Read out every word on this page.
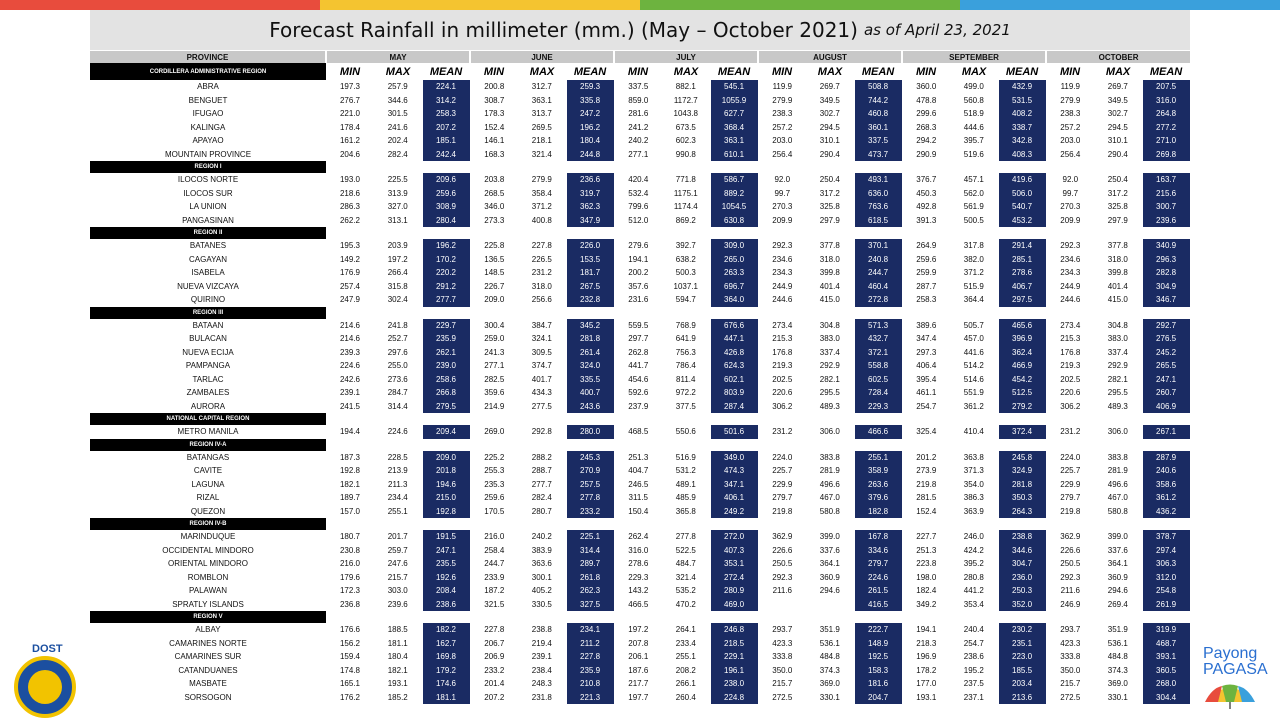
Forecast Rainfall in millimeter (mm.) (May – October 2021) as of April 23, 2021
PROVINCE	MAY			JUNE			JULY			AUGUST			SEPTEMBER			OCTOBER		
CORDILLERA ADMINISTRATIVE REGION	MIN	MAX	MEAN	MIN	MAX	MEAN	MIN	MAX	MEAN	MIN	MAX	MEAN	MIN	MAX	MEAN	MIN	MAX	MEAN
ABRA	197.3	257.9	224.1	200.8	312.7	259.3	337.5	882.1	545.1	119.9	269.7	508.8	360.0	499.0	432.9	119.9	269.7	207.5
BENGUET	276.7	344.6	314.2	308.7	363.1	335.8	859.0	1172.7	1055.9	279.9	349.5	744.2	478.8	560.8	531.5	279.9	349.5	316.0
IFUGAO	221.0	301.5	258.3	178.3	313.7	247.2	281.6	1043.8	627.7	238.3	302.7	460.8	299.6	518.9	408.2	238.3	302.7	264.8
KALINGA	178.4	241.6	207.2	152.4	269.5	196.2	241.2	673.5	368.4	257.2	294.5	360.1	268.3	444.6	338.7	257.2	294.5	277.2
APAYAO	161.2	202.4	185.1	146.1	218.1	180.4	240.2	602.3	363.1	203.0	310.1	337.5	294.2	395.7	342.8	203.0	310.1	271.0
MOUNTAIN PROVINCE	204.6	282.4	242.4	168.3	321.4	244.8	277.1	990.8	610.1	256.4	290.4	473.7	290.9	519.6	408.3	256.4	290.4	269.8
REGION I																		
ILOCOS NORTE	193.0	225.5	209.6	203.8	279.9	236.6	420.4	771.8	586.7	92.0	250.4	493.1	376.7	457.1	419.6	92.0	250.4	163.7
ILOCOS SUR	218.6	313.9	259.6	268.5	358.4	319.7	532.4	1175.1	889.2	99.7	317.2	636.0	450.3	562.0	506.0	99.7	317.2	215.6
LA UNION	286.3	327.0	308.9	346.0	371.2	362.3	799.6	1174.4	1054.5	270.3	325.8	763.6	492.8	561.9	540.7	270.3	325.8	300.7
PANGASINAN	262.2	313.1	280.4	273.3	400.8	347.9	512.0	869.2	630.8	209.9	297.9	618.5	391.3	500.5	453.2	209.9	297.9	239.6
REGION II																		
BATANES	195.3	203.9	196.2	225.8	227.8	226.0	279.6	392.7	309.0	292.3	377.8	370.1	264.9	317.8	291.4	292.3	377.8	340.9
CAGAYAN	149.2	197.2	170.2	136.5	226.5	153.5	194.1	638.2	265.0	234.6	318.0	240.8	259.6	382.0	285.1	234.6	318.0	296.3
ISABELA	176.9	266.4	220.2	148.5	231.2	181.7	200.2	500.3	263.3	234.3	399.8	244.7	259.9	371.2	278.6	234.3	399.8	282.8
NUEVA VIZCAYA	257.4	315.8	291.2	226.7	318.0	267.5	357.6	1037.1	696.7	244.9	401.4	460.4	287.7	515.9	406.7	244.9	401.4	304.9
QUIRINO	247.9	302.4	277.7	209.0	256.6	232.8	231.6	594.7	364.0	244.6	415.0	272.8	258.3	364.4	297.5	244.6	415.0	346.7
REGION III																		
BATAAN	214.6	241.8	229.7	300.4	384.7	345.2	559.5	768.9	676.6	273.4	304.8	571.3	389.6	505.7	465.6	273.4	304.8	292.7
BULACAN	214.6	252.7	235.9	259.0	324.1	281.8	297.7	641.9	447.1	215.3	383.0	432.7	347.4	457.0	396.9	215.3	383.0	276.5
NUEVA ECIJA	239.3	297.6	262.1	241.3	309.5	261.4	262.8	756.3	426.8	176.8	337.4	372.1	297.3	441.6	362.4	176.8	337.4	245.2
PAMPANGA	224.6	255.0	239.0	277.1	374.7	324.0	441.7	786.4	624.3	219.3	292.9	558.8	406.4	514.2	466.9	219.3	292.9	265.5
TARLAC	242.6	273.6	258.6	282.5	401.7	335.5	454.6	811.4	602.1	202.5	282.1	602.5	395.4	514.6	454.2	202.5	282.1	247.1
ZAMBALES	239.1	284.7	266.8	359.6	434.3	400.7	592.6	972.2	803.9	220.6	295.5	728.4	461.1	551.9	512.5	220.6	295.5	260.7
AURORA	241.5	314.4	279.5	214.9	277.5	243.6	237.9	377.5	287.4	306.2	489.3	229.3	254.7	361.2	279.2	306.2	489.3	406.9
NATIONAL CAPITAL REGION																		
METRO MANILA	194.4	224.6	209.4	269.0	292.8	280.0	468.5	550.6	501.6	231.2	306.0	466.6	325.4	410.4	372.4	231.2	306.0	267.1
REGION IV-A																		
BATANGAS	187.3	228.5	209.0	225.2	288.2	245.3	251.3	516.9	349.0	224.0	383.8	255.1	201.2	363.8	245.8	224.0	383.8	287.9
CAVITE	192.8	213.9	201.8	255.3	288.7	270.9	404.7	531.2	474.3	225.7	281.9	358.9	273.9	371.3	324.9	225.7	281.9	240.6
LAGUNA	182.1	211.3	194.6	235.3	277.7	257.5	246.5	489.1	347.1	229.9	496.6	263.6	219.8	354.0	281.8	229.9	496.6	358.6
RIZAL	189.7	234.4	215.0	259.6	282.4	277.8	311.5	485.9	406.1	279.7	467.0	379.6	281.5	386.3	350.3	279.7	467.0	361.2
QUEZON	157.0	255.1	192.8	170.5	280.7	233.2	150.4	365.8	249.2	219.8	580.8	182.8	152.4	363.9	264.3	219.8	580.8	436.2
REGION IV-B																		
MARINDUQUE	180.7	201.7	191.5	216.0	240.2	225.1	262.4	277.8	272.0	362.9	399.0	167.8	227.7	246.0	238.8	362.9	399.0	378.7
OCCIDENTAL MINDORO	230.8	259.7	247.1	258.4	383.9	314.4	316.0	522.5	407.3	226.6	337.6	334.6	251.3	424.2	344.6	226.6	337.6	297.4
ORIENTAL MINDORO	216.0	247.6	235.5	244.7	363.6	289.7	278.6	484.7	353.1	250.5	364.1	279.7	223.8	395.2	304.7	250.5	364.1	306.3
ROMBLON	179.6	215.7	192.6	233.9	300.1	261.8	229.3	321.4	272.4	292.3	360.9	224.6	198.0	280.8	236.0	292.3	360.9	312.0
PALAWAN	172.3	303.0	208.4	187.2	405.2	262.3	143.2	535.2	280.9	211.6	294.6	261.5	182.4	441.2	250.3	211.6	294.6	254.8
SPRATLY ISLANDS	236.8	239.6	238.6	321.5	330.5	327.5	466.5	470.2	469.0			416.5	349.2	353.4	352.0	246.9	269.4	261.9
REGION V																		
ALBAY	176.6	188.5	182.2	227.8	238.8	234.1	197.2	264.1	246.8	293.7	351.9	222.7	194.1	240.4	230.2	293.7	351.9	319.9
CAMARINES NORTE	156.2	181.1	162.7	206.7	219.4	211.2	207.8	233.4	218.5	423.3	536.1	148.9	218.3	254.7	235.1	423.3	536.1	468.7
CAMARINES SUR	159.4	180.4	169.8	206.9	239.1	227.8	206.1	255.1	229.1	333.8	484.8	192.5	196.9	238.6	223.0	333.8	484.8	393.1
CATANDUANES	174.8	182.1	179.2	233.2	238.4	235.9	187.6	208.2	196.1	350.0	374.3	158.3	178.2	195.2	185.5	350.0	374.3	360.5
MASBATE	165.1	193.1	174.6	201.4	248.3	210.8	217.7	266.1	238.0	215.7	369.0	181.6	177.0	237.5	203.4	215.7	369.0	268.0
SORSOGON	176.2	185.2	181.1	207.2	231.8	221.3	197.7	260.4	224.8	272.5	330.1	204.7	193.1	237.1	213.6	272.5	330.1	304.4
DOST	Payong
PAGASA
